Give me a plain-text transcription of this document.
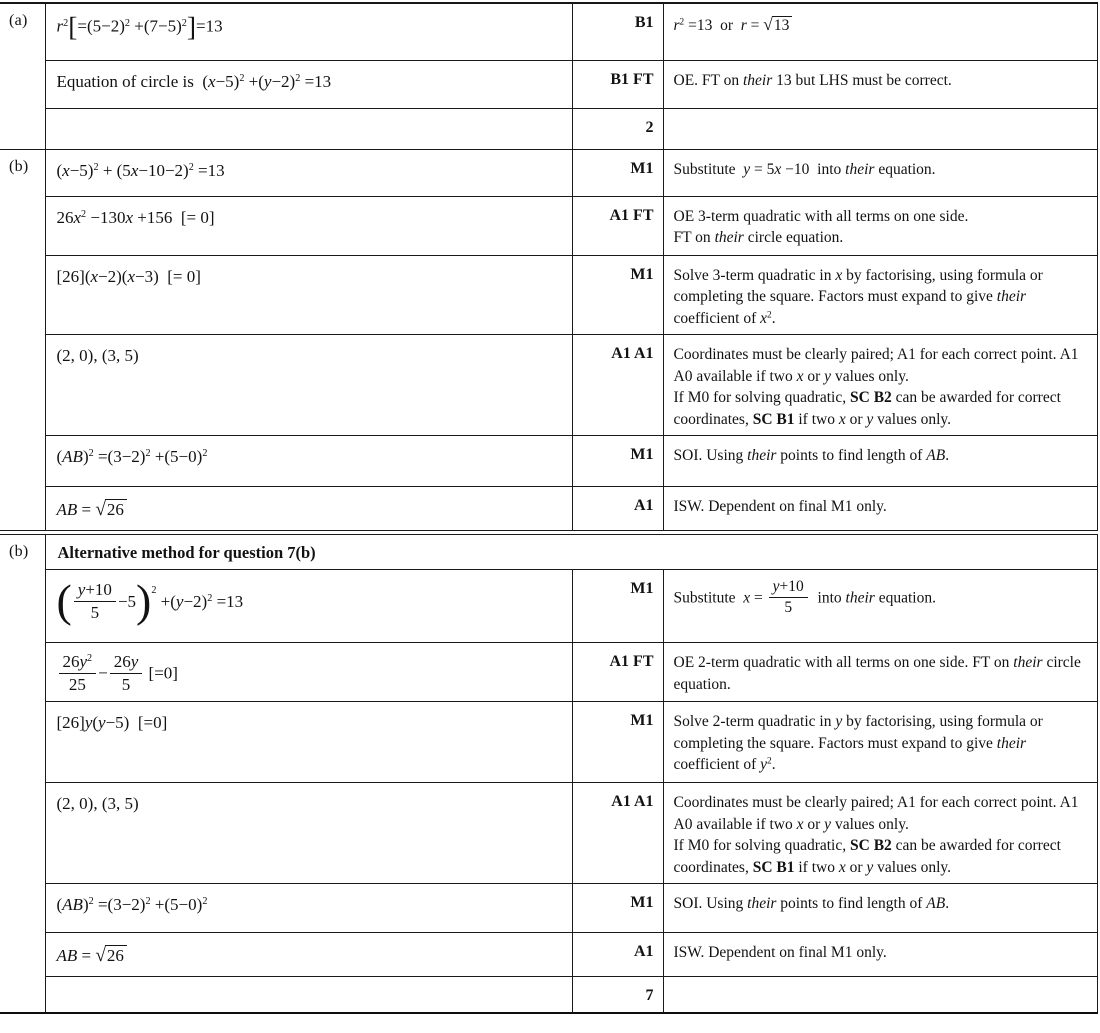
(a)	$r^2[=(5-2)^2 +(7-5)^2]=13$	B1	$r^2 =13$ or r = √13
	Equation of circle is $(x-5)^2 +(y-2)^2 =13$	B1 FT	OE. FT on their 13 but LHS must be correct.
		2	
(b)	$(x-5)^2 + (5x-10-2)^2 =13$	M1	Substitute y = 5x −10 into their equation.
	$26x^2 -130x +156$ [= 0]	A1 FT	OE 3-term quadratic with all terms on one side.
FT on their circle equation.
	[26](x−2)(x−3) [= 0]	M1	Solve 3-term quadratic in x by factorising, using formula or completing the square. Factors must expand to give their coefficient of $x^2$.
	(2, 0), (3, 5)	A1 A1	Coordinates must be clearly paired; A1 for each correct point. A1 A0 available if two x or y values only.
If M0 for solving quadratic, SC B2 can be awarded for correct coordinates, SC B1 if two x or y values only.
	$(AB)^2 =(3-2)^2 +(5-0)^2$	M1	SOI. Using their points to find length of AB.
	AB = √26	A1	ISW. Dependent on final M1 only.
(b)	Alternative method for question 7(b)		
	( $\frac{y+10}{5} -5)^2 +(y-2)^2 =13$	M1	Substitute $x = \frac{y+10}{5}$  into their equation.

$\frac{26y^2}{25} - \frac{26y}{5} [=0]$	A1 FT	OE 2-term quadratic with all terms on one side. FT on their circle equation.
	[26]y(y−5) [=0]	M1	Solve 2-term quadratic in y by factorising, using formula or completing the square. Factors must expand to give their coefficient of $y^2$.
	(2, 0), (3, 5)	A1 A1	Coordinates must be clearly paired; A1 for each correct point. A1 A0 available if two x or y values only.
If M0 for solving quadratic, SC B2 can be awarded for correct coordinates, SC B1 if two x or y values only.
	$(AB)^2 =(3-2)^2 +(5-0)^2$	M1	SOI. Using their points to find length of AB.
	AB = √26	A1	ISW. Dependent on final M1 only.
		7	
